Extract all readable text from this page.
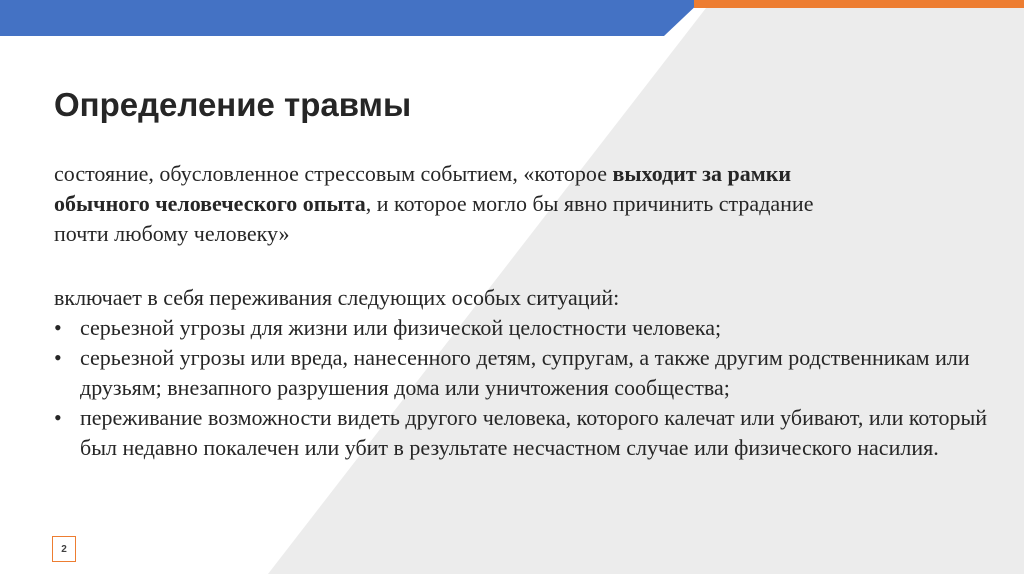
Определение травмы

состояние, обусловленное стрессовым событием, «которое выходит за рамки
обычного человеческого опыта, и которое могло бы явно причинить страдание
почти любому человеку»

включает в себя переживания следующих особых ситуаций:

• серьезной угрозы для жизни или физической целостности человека;
• серьезной угрозы или вреда, нанесенного детям, супругам, а также другим родственникам или друзьям; внезапного разрушения дома или уничтожения сообщества;
• переживание возможности видеть другого человека, которого калечат или убивают, или который был недавно покалечен или убит в результате несчастном случае или физического насилия.
2
